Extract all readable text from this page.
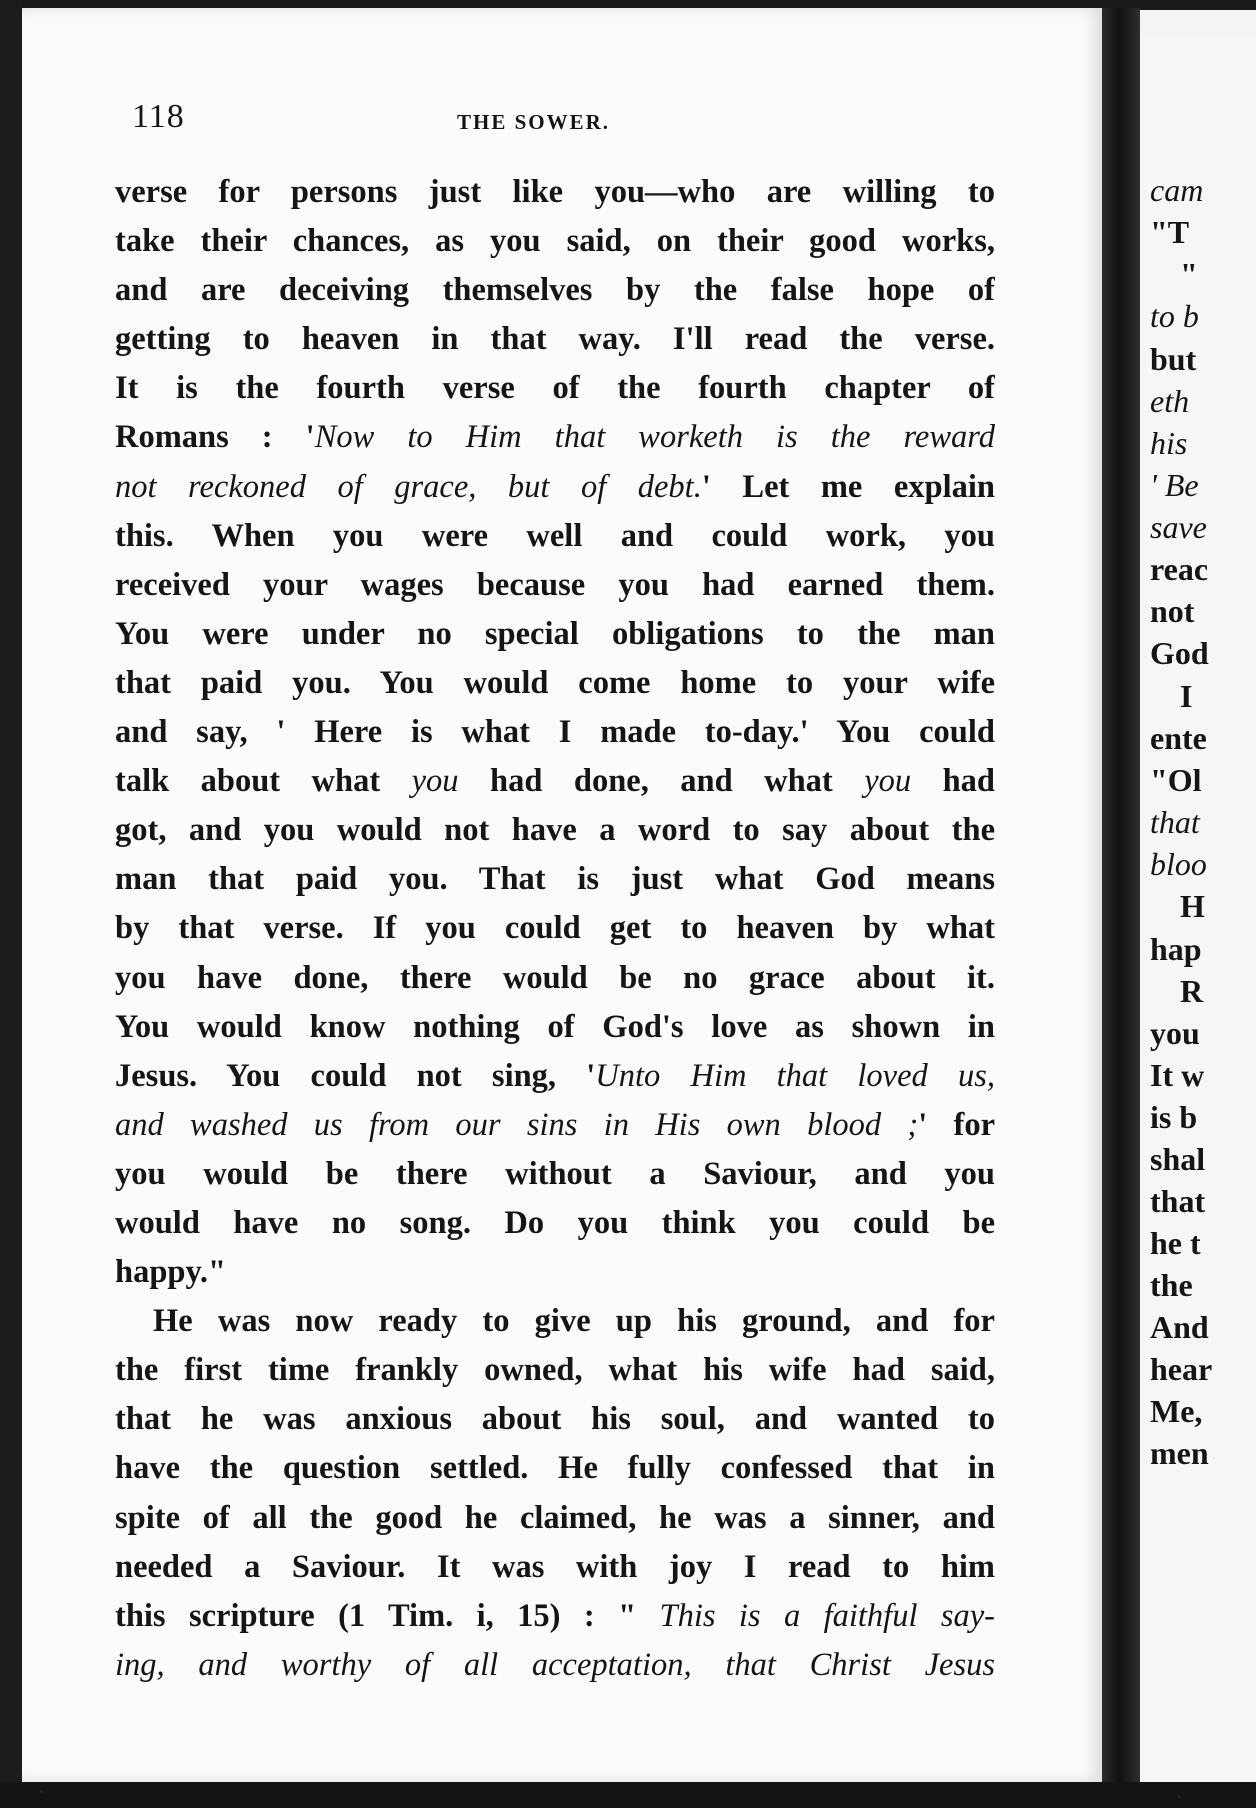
118	THE SOWER.
verse for persons just like you—who are willing to
take their chances, as you said, on their good works,
and are deceiving themselves by the false hope of
getting to heaven in that way. I'll read the verse.
It is the fourth verse of the fourth chapter of
Romans : 'Now to Him that worketh is the reward
not reckoned of grace, but of debt.' Let me explain
this. When you were well and could work, you
received your wages because you had earned them.
You were under no special obligations to the man
that paid you. You would come home to your wife
and say, ' Here is what I made to-day.' You could
talk about what you had done, and what you had
got, and you would not have a word to say about the
man that paid you. That is just what God means
by that verse. If you could get to heaven by what
you have done, there would be no grace about it.
You would know nothing of God's love as shown in
Jesus. You could not sing, 'Unto Him that loved us,
and washed us from our sins in His own blood ;' for
you would be there without a Saviour, and you
would have no song. Do you think you could be
happy."
He was now ready to give up his ground, and for
the first time frankly owned, what his wife had said,
that he was anxious about his soul, and wanted to
have the question settled. He fully confessed that in
spite of all the good he claimed, he was a sinner, and
needed a Saviour. It was with joy I read to him
this scripture (1 Tim. i, 15) : " This is a faithful say-
ing, and worthy of all acceptation, that Christ Jesus
cam
"T
"
to b
but
eth
his
' Be
save
reac
not
God
I
ente
"Ol
that
bloo
H
hap
R
you
It w
is b
shal
that
he t
the
And
hear
Me,
men
